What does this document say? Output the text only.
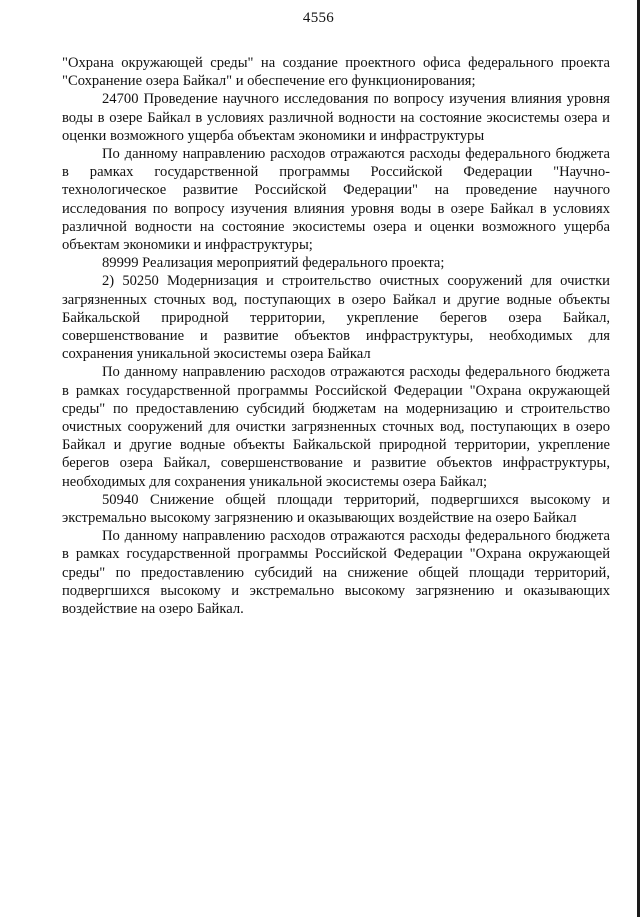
4556

"Охрана окружающей среды" на создание проектного офиса федерального проекта "Сохранение озера Байкал" и обеспечение его функционирования;

24700 Проведение научного исследования по вопросу изучения влияния уровня воды в озере Байкал в условиях различной водности на состояние экосистемы озера и оценки возможного ущерба объектам экономики и инфраструктуры

По данному направлению расходов отражаются расходы федерального бюджета в рамках государственной программы Российской Федерации "Научно-технологическое развитие Российской Федерации" на проведение научного исследования по вопросу изучения влияния уровня воды в озере Байкал в условиях различной водности на состояние экосистемы озера и оценки возможного ущерба объектам экономики и инфраструктуры;

89999 Реализация мероприятий федерального проекта;

2) 50250 Модернизация и строительство очистных сооружений для очистки загрязненных сточных вод, поступающих в озеро Байкал и другие водные объекты Байкальской природной территории, укрепление берегов озера Байкал, совершенствование и развитие объектов инфраструктуры, необходимых для сохранения уникальной экосистемы озера Байкал

По данному направлению расходов отражаются расходы федерального бюджета в рамках государственной программы Российской Федерации "Охрана окружающей среды" по предоставлению субсидий бюджетам на модернизацию и строительство очистных сооружений для очистки загрязненных сточных вод, поступающих в озеро Байкал и другие водные объекты Байкальской природной территории, укрепление берегов озера Байкал, совершенствование и развитие объектов инфраструктуры, необходимых для сохранения уникальной экосистемы озера Байкал;

50940 Снижение общей площади территорий, подвергшихся высокому и экстремально высокому загрязнению и оказывающих воздействие на озеро Байкал

По данному направлению расходов отражаются расходы федерального бюджета в рамках государственной программы Российской Федерации "Охрана окружающей среды" по предоставлению субсидий на снижение общей площади территорий, подвергшихся высокому и экстремально высокому загрязнению и оказывающих воздействие на озеро Байкал.
